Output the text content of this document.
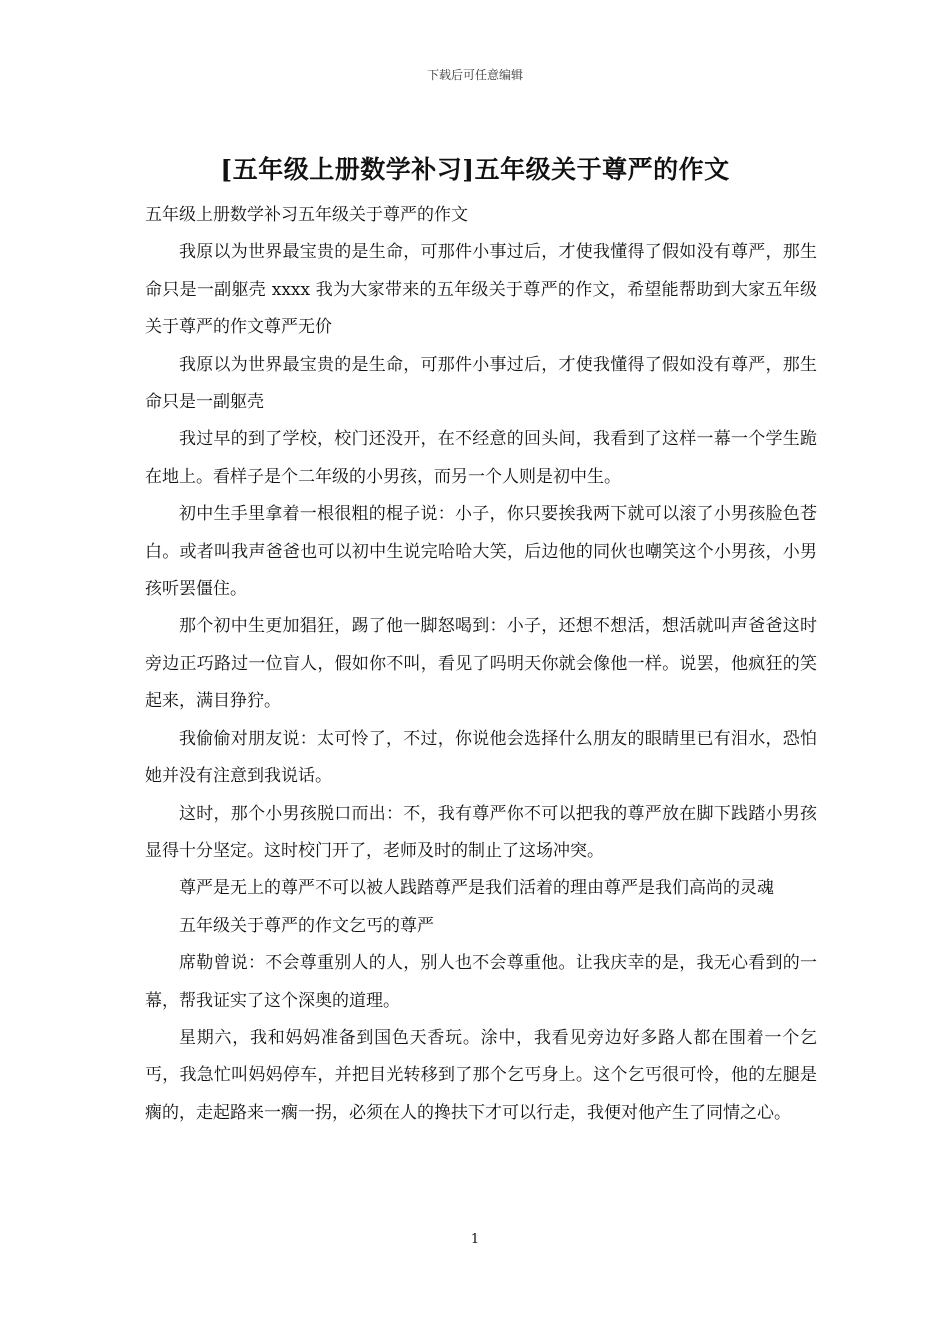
下载后可任意编辑
[五年级上册数学补习]五年级关于尊严的作文

五年级上册数学补习五年级关于尊严的作文

我原以为世界最宝贵的是生命，可那件小事过后，才使我懂得了假如没有尊严，那生命只是一副躯壳 xxxx 我为大家带来的五年级关于尊严的作文，希望能帮助到大家五年级关于尊严的作文尊严无价

我原以为世界最宝贵的是生命，可那件小事过后，才使我懂得了假如没有尊严，那生命只是一副躯壳

我过早的到了学校，校门还没开，在不经意的回头间，我看到了这样一幕一个学生跪在地上。看样子是个二年级的小男孩，而另一个人则是初中生。

初中生手里拿着一根很粗的棍子说：小子，你只要挨我两下就可以滚了小男孩脸色苍白。或者叫我声爸爸也可以初中生说完哈哈大笑，后边他的同伙也嘲笑这个小男孩，小男孩听罢僵住。

那个初中生更加猖狂，踢了他一脚怒喝到：小子，还想不想活，想活就叫声爸爸这时旁边正巧路过一位盲人，假如你不叫，看见了吗明天你就会像他一样。说罢，他疯狂的笑起来，满目狰狞。

我偷偷对朋友说：太可怜了，不过，你说他会选择什么朋友的眼睛里已有泪水，恐怕她并没有注意到我说话。

这时，那个小男孩脱口而出：不，我有尊严你不可以把我的尊严放在脚下践踏小男孩显得十分坚定。这时校门开了，老师及时的制止了这场冲突。

尊严是无上的尊严不可以被人践踏尊严是我们活着的理由尊严是我们高尚的灵魂

五年级关于尊严的作文乞丐的尊严

席勒曾说：不会尊重别人的人，别人也不会尊重他。让我庆幸的是，我无心看到的一幕，帮我证实了这个深奥的道理。

星期六，我和妈妈准备到国色天香玩。涂中，我看见旁边好多路人都在围着一个乞丐，我急忙叫妈妈停车，并把目光转移到了那个乞丐身上。这个乞丐很可怜，他的左腿是瘸的，走起路来一瘸一拐，必须在人的搀扶下才可以行走，我便对他产生了同情之心。

1
